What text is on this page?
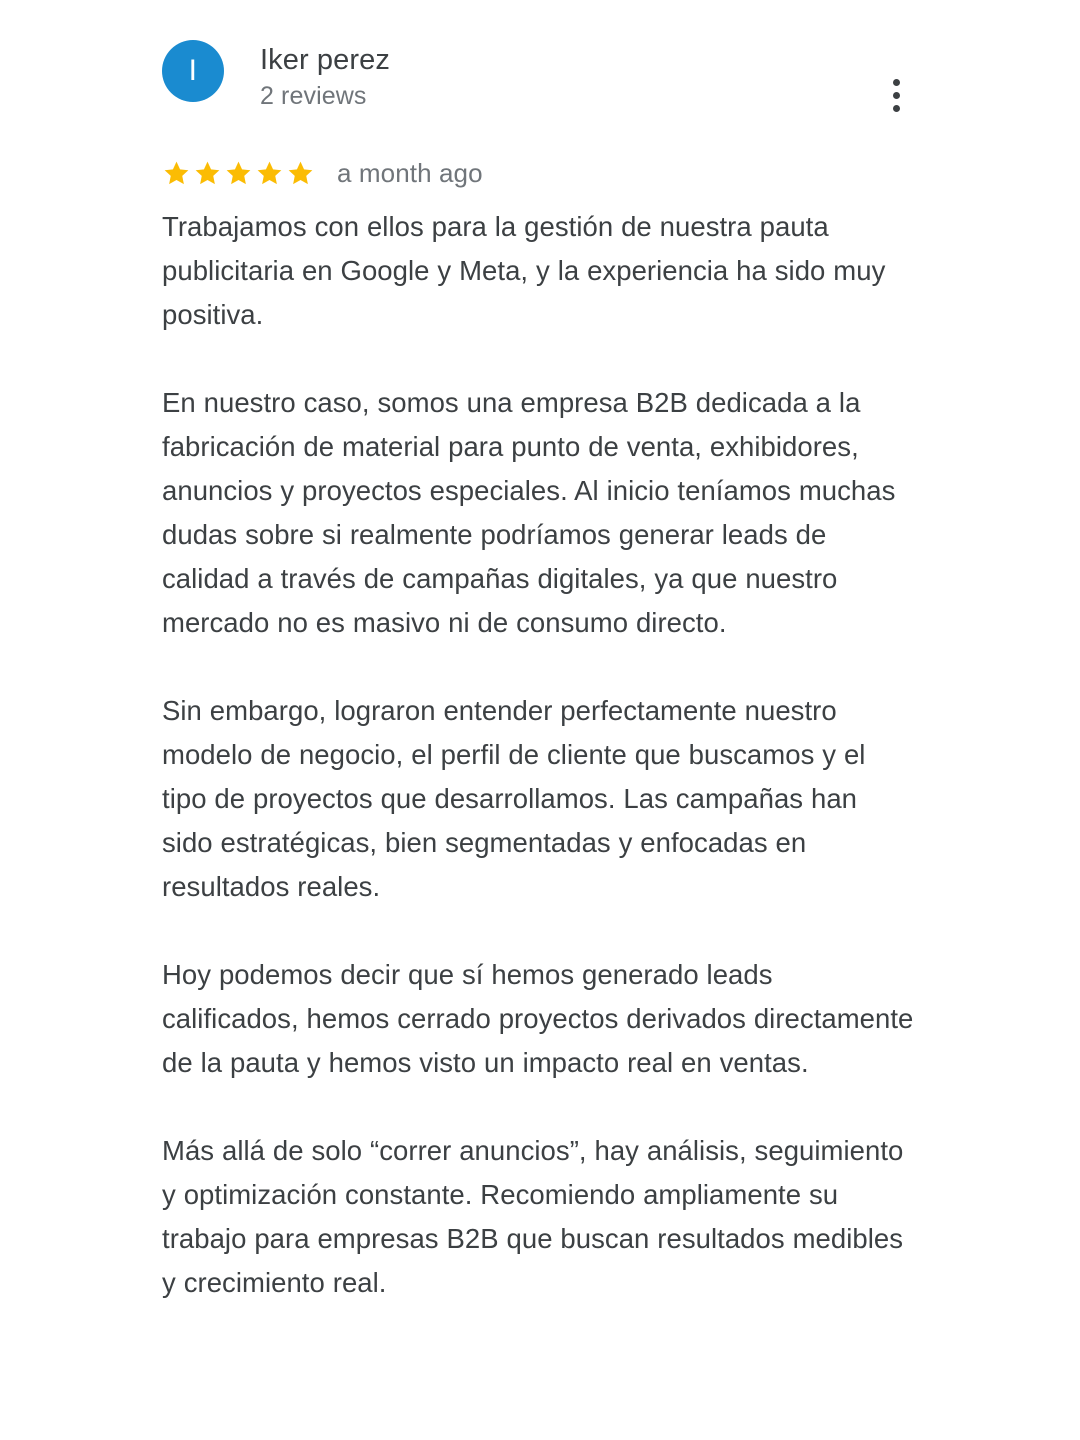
I	Iker perez
2 reviews
a month ago

Trabajamos con ellos para la gestión de nuestra pauta publicitaria en Google y Meta, y la experiencia ha sido muy positiva.

En nuestro caso, somos una empresa B2B dedicada a la fabricación de material para punto de venta, exhibidores, anuncios y proyectos especiales. Al inicio teníamos muchas dudas sobre si realmente podríamos generar leads de calidad a través de campañas digitales, ya que nuestro mercado no es masivo ni de consumo directo.

Sin embargo, lograron entender perfectamente nuestro modelo de negocio, el perfil de cliente que buscamos y el tipo de proyectos que desarrollamos. Las campañas han sido estratégicas, bien segmentadas y enfocadas en resultados reales.

Hoy podemos decir que sí hemos generado leads calificados, hemos cerrado proyectos derivados directamente de la pauta y hemos visto un impacto real en ventas.

Más allá de solo “correr anuncios”, hay análisis, seguimiento y optimización constante. Recomiendo ampliamente su trabajo para empresas B2B que buscan resultados medibles y crecimiento real.
